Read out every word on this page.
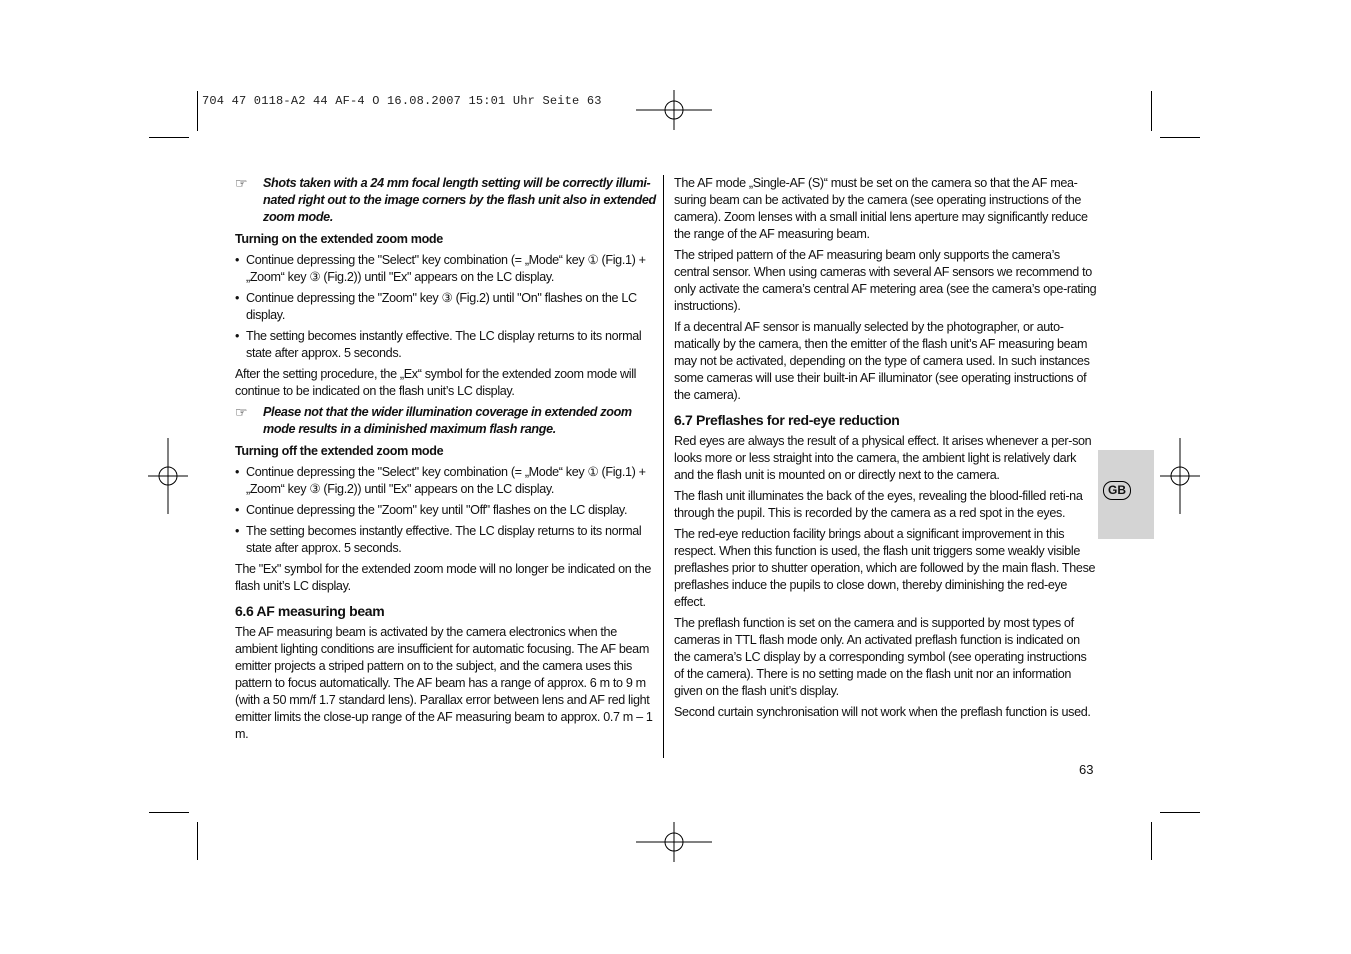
704 47 0118-A2 44 AF-4 O 16.08.2007 15:01 Uhr Seite 63
☞	Shots taken with a 24 mm focal length setting will be correctly illumi-nated right out to the image corners by the flash unit also in extended zoom mode.
Turning on the extended zoom mode
• Continue depressing the "Select" key combination (= „Mode“ key ① (Fig.1) + „Zoom“ key ③ (Fig.2)) until "Ex" appears on the LC display.
• Continue depressing the "Zoom" key ③ (Fig.2) until "On" flashes on the LC display.
• The setting becomes instantly effective. The LC display returns to its normal state after approx. 5 seconds.

After the setting procedure, the „Ex“ symbol for the extended zoom mode will continue to be indicated on the flash unit’s LC display.

☞	Please not that the wider illumination coverage in extended zoom mode results in a diminished maximum flash range.
Turning off the extended zoom mode
• Continue depressing the "Select" key combination (= „Mode“ key ① (Fig.1) + „Zoom“ key ③ (Fig.2)) until "Ex" appears on the LC display.
• Continue depressing the "Zoom" key until "Off" flashes on the LC display.
• The setting becomes instantly effective. The LC display returns to its normal state after approx. 5 seconds.

The "Ex" symbol for the extended zoom mode will no longer be indicated on the flash unit’s LC display.

6.6 AF measuring beam

The AF measuring beam is activated by the camera electronics when the ambient lighting conditions are insufficient for automatic focusing. The AF beam emitter projects a striped pattern on to the subject, and the camera uses this pattern to focus automatically. The AF beam has a range of approx. 6 m to 9 m (with a 50 mm/f 1.7 standard lens). Parallax error between lens and AF red light emitter limits the close-up range of the AF measuring beam to approx. 0.7 m – 1 m.

The AF mode „Single-AF (S)“ must be set on the camera so that the AF mea-suring beam can be activated by the camera (see operating instructions of the camera). Zoom lenses with a small initial lens aperture may significantly reduce the range of the AF measuring beam.

The striped pattern of the AF measuring beam only supports the camera’s central sensor. When using cameras with several AF sensors we recommend to only activate the camera’s central AF metering area (see the camera’s ope-rating instructions).

If a decentral AF sensor is manually selected by the photographer, or auto-matically by the camera, then the emitter of the flash unit’s AF measuring beam may not be activated, depending on the type of camera used. In such instances some cameras will use their built-in AF illuminator (see operating instructions of the camera).

6.7 Preflashes for red-eye reduction

Red eyes are always the result of a physical effect. It arises whenever a per-son looks more or less straight into the camera, the ambient light is relatively dark and the flash unit is mounted on or directly next to the camera.

The flash unit illuminates the back of the eyes, revealing the blood-filled reti-na through the pupil. This is recorded by the camera as a red spot in the eyes.

The red-eye reduction facility brings about a significant improvement in this respect. When this function is used, the flash unit triggers some weakly visible preflashes prior to shutter operation, which are followed by the main flash. These preflashes induce the pupils to close down, thereby diminishing the red-eye effect.

The preflash function is set on the camera and is supported by most types of cameras in TTL flash mode only. An activated preflash function is indicated on the camera’s LC display by a corresponding symbol (see operating instructions of the camera). There is no setting made on the flash unit nor an information given on the flash unit’s display.

Second curtain synchronisation will not work when the preflash function is used.

GB
63
